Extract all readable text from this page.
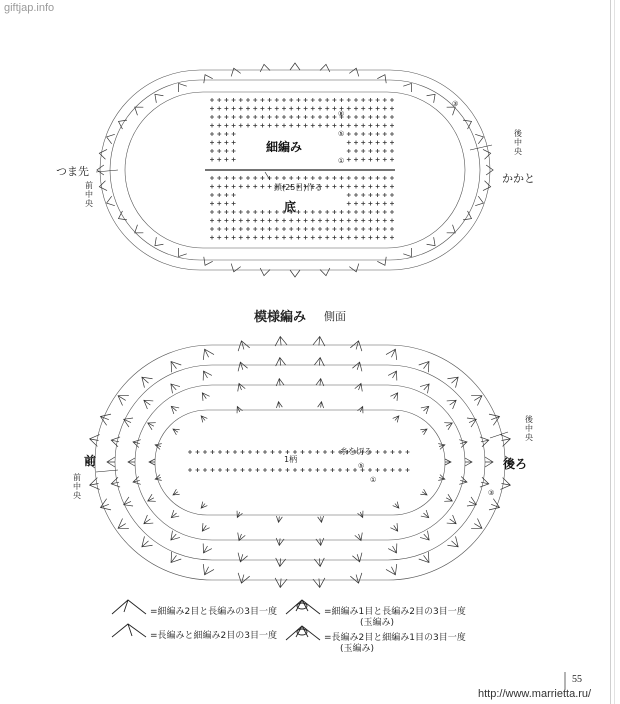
giftjap.info
⑧
⑤
①
③
⑤
①
③
つま先
前中央
後中央
かかと
細編み
鎖(25目)作る
底
模様編み 側面
前
前中央
後中央
後ろ
1柄
糸を切る
=細編み2目と長編みの3目一度
=長編みと細編み2目の3目一度
=細編み1目と長編み2目の3目一度
(玉編み)
=長編み2目と細編み1目の3目一度
(玉編み)
55
http://www.marrietta.ru/
